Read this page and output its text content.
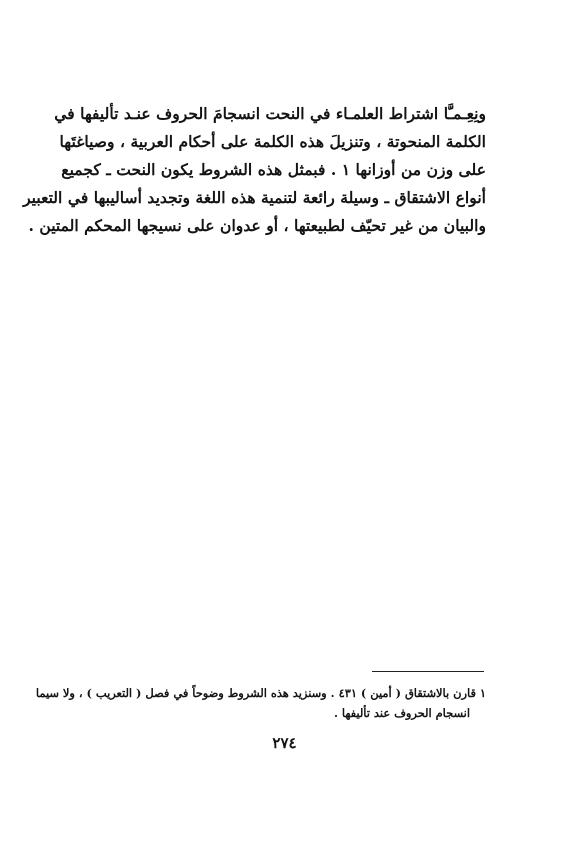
ونِعِـمـَّا اشتراط العلمـاء في النحت انسجامَ الحروف عنـد تأليفها في
الكلمة المنحوتة ، وتنزيلَ هذه الكلمة على أحكام العربية ، وصياغتَها
على وزن من أوزانها ١ . فبمثل هذه الشروط يكون النحت ـ كجميع
أنواع الاشتقاق ـ وسيلة رائعة لتنمية هذه اللغة وتجديد أساليبها في التعبير
والبيان من غير تحيّف لطبيعتها ، أو عدوان على نسيجها المحكم المتين .
١ قارن بالاشتقاق ( أمين ) ٤٣١ . وسنزيد هذه الشروط وضوحاً في فصل ( التعريب ) ، ولا سيما
انسجام الحروف عند تأليفها .
٢٧٤
